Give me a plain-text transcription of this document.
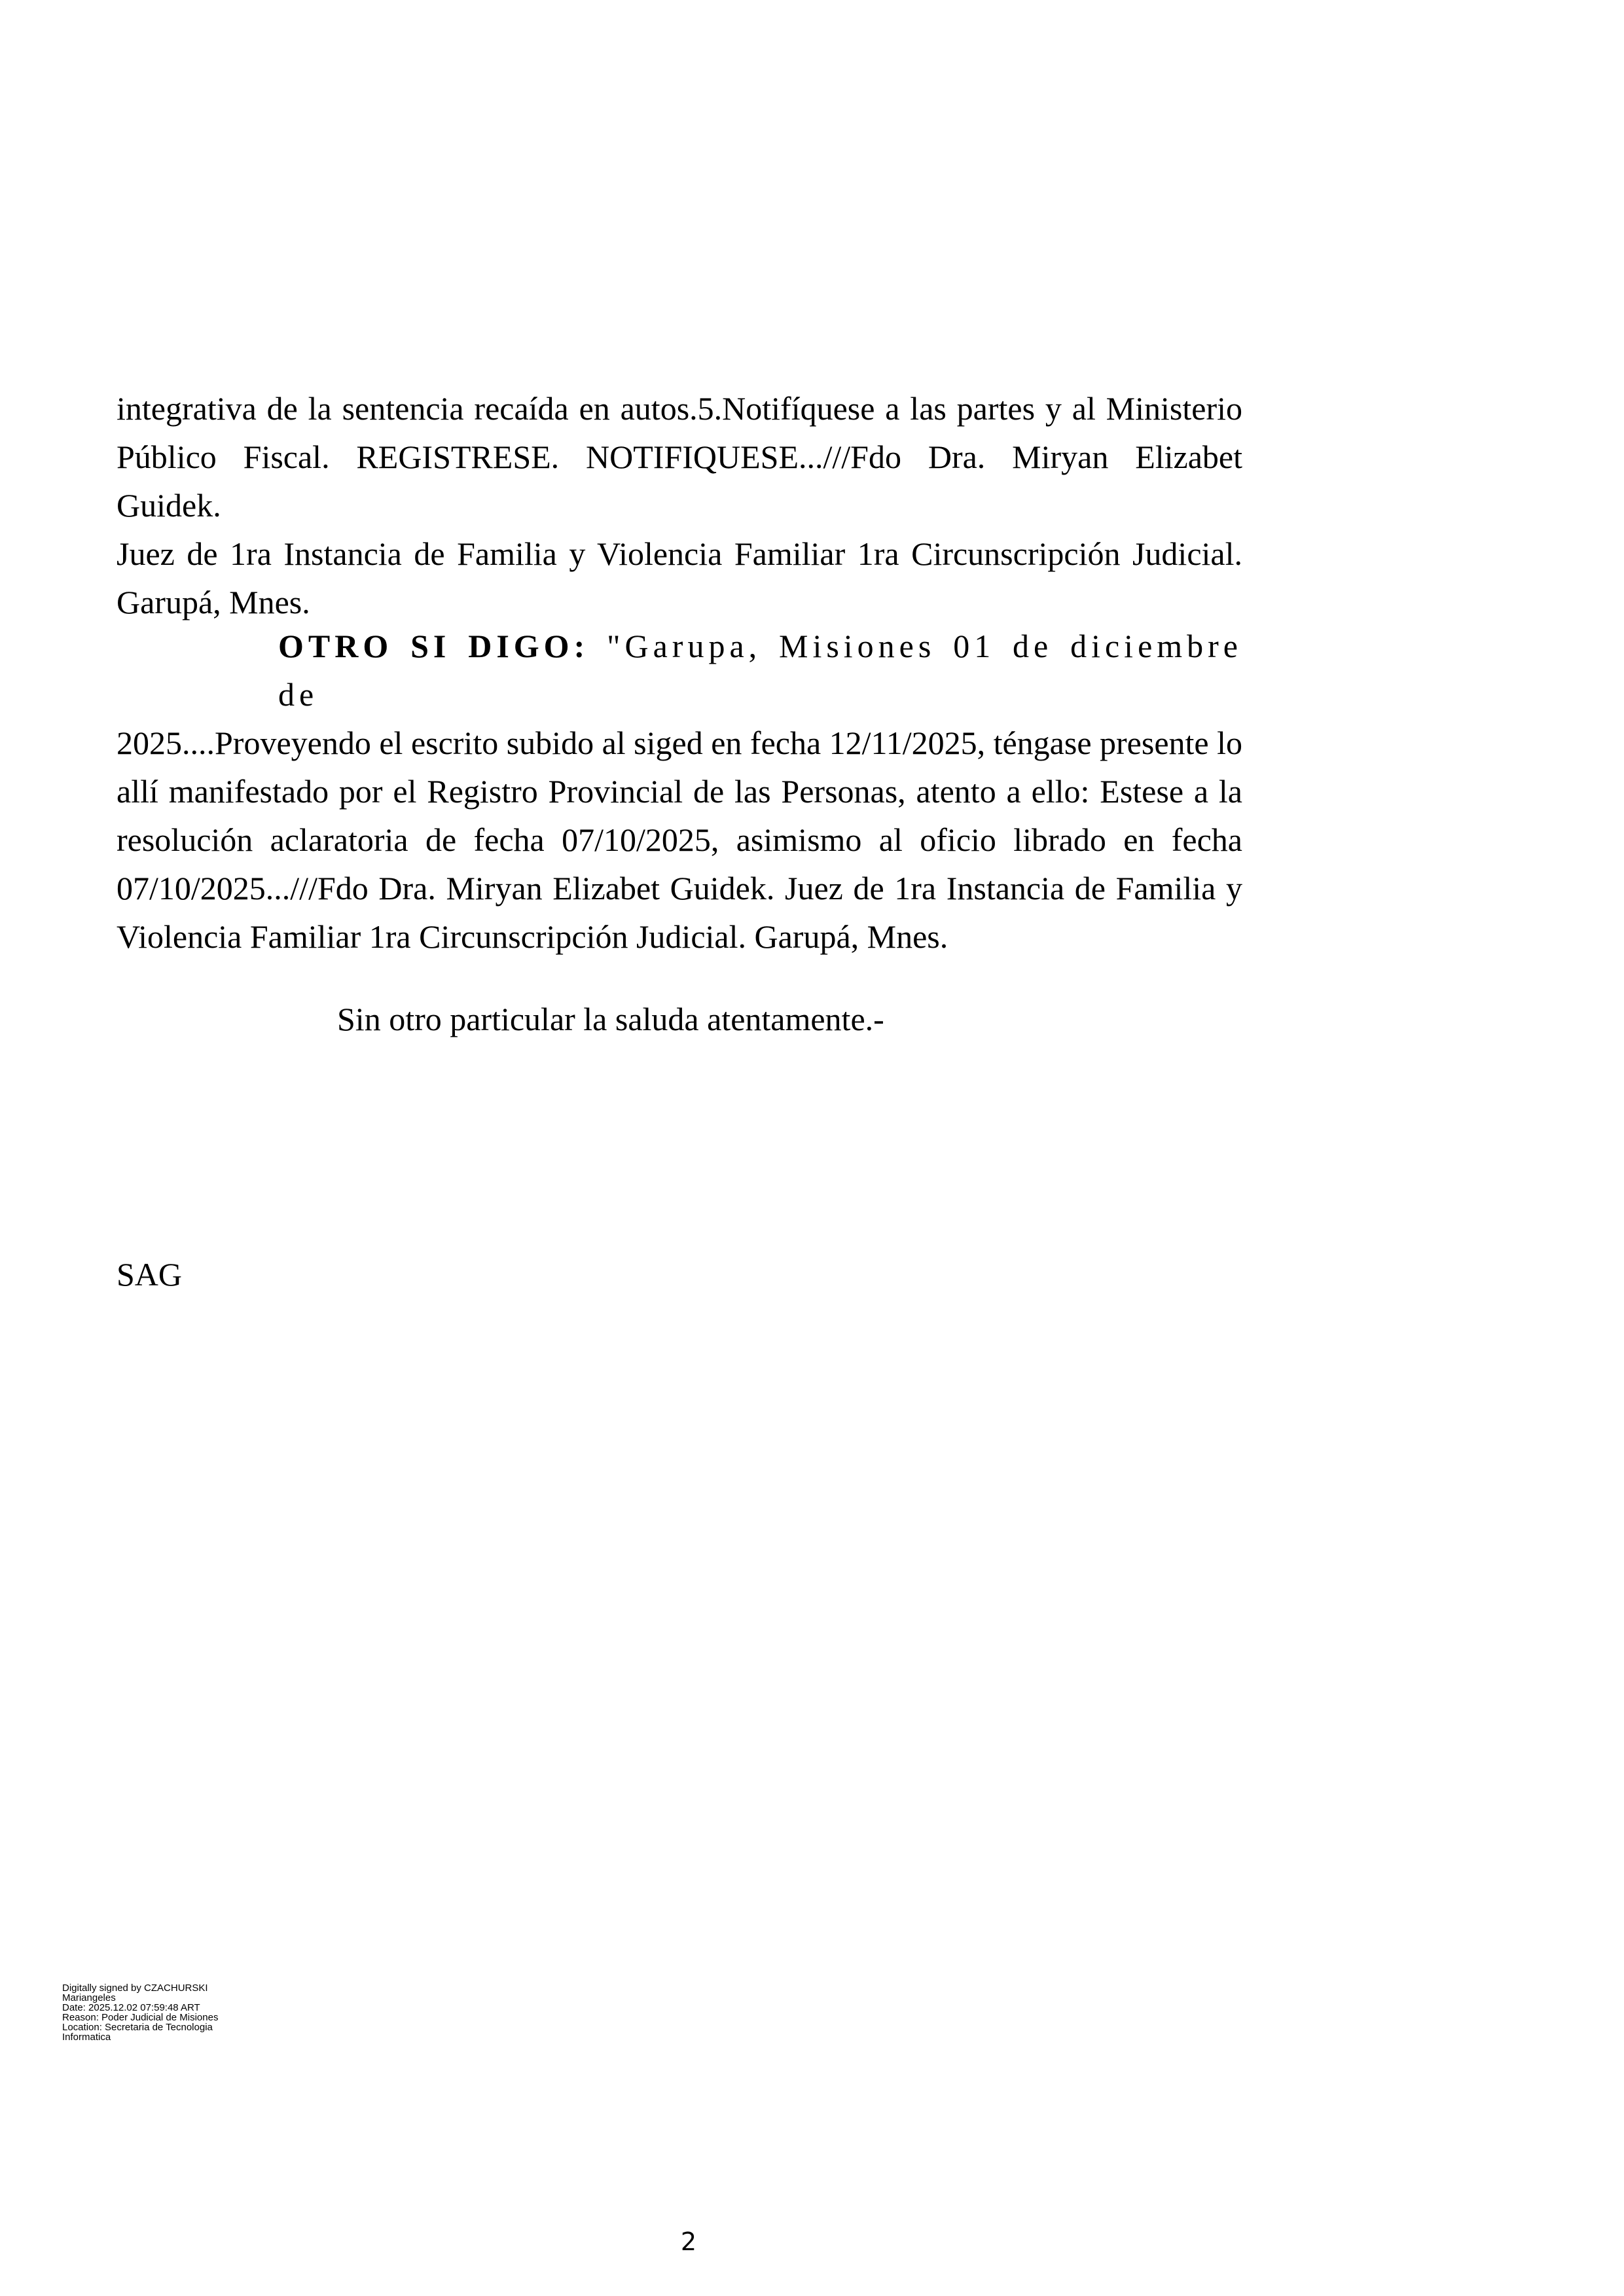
integrativa de la sentencia recaída en autos.5.Notifíquese a las partes y al Ministerio
Público Fiscal. REGISTRESE. NOTIFIQUESE...///Fdo Dra. Miryan Elizabet Guidek.
Juez de 1ra Instancia de Familia y Violencia Familiar 1ra Circunscripción Judicial.
Garupá, Mnes.
OTRO SI DIGO: "Garupa, Misiones 01 de diciembre de
2025....Proveyendo el escrito subido al siged en fecha 12/11/2025, téngase presente lo
allí manifestado por el Registro Provincial de las Personas, atento a ello: Estese a la
resolución aclaratoria de fecha 07/10/2025, asimismo al oficio librado en fecha
07/10/2025...///Fdo Dra. Miryan Elizabet Guidek. Juez de 1ra Instancia de Familia y
Violencia Familiar 1ra Circunscripción Judicial. Garupá, Mnes.
Sin otro particular la saluda atentamente.-
SAG
Digitally signed by CZACHURSKI
Mariangeles
Date: 2025.12.02 07:59:48 ART
Reason: Poder Judicial de Misiones
Location: Secretaria de Tecnologia
Informatica
2
